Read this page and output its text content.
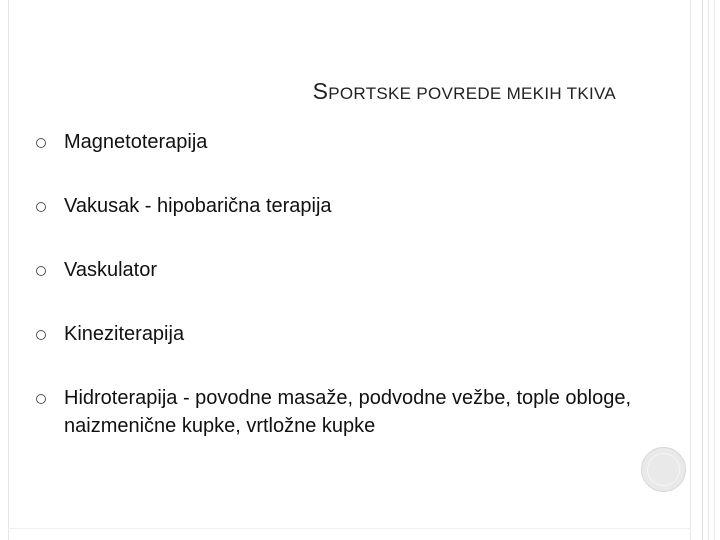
SPORTSKE POVREDE MEKIH TKIVA
Magnetoterapija
Vakusak - hipobarična terapija
Vaskulator
Kineziterapija
Hidroterapija - povodne masaže, podvodne vežbe, tople obloge, naizmenične kupke, vrtložne kupke
